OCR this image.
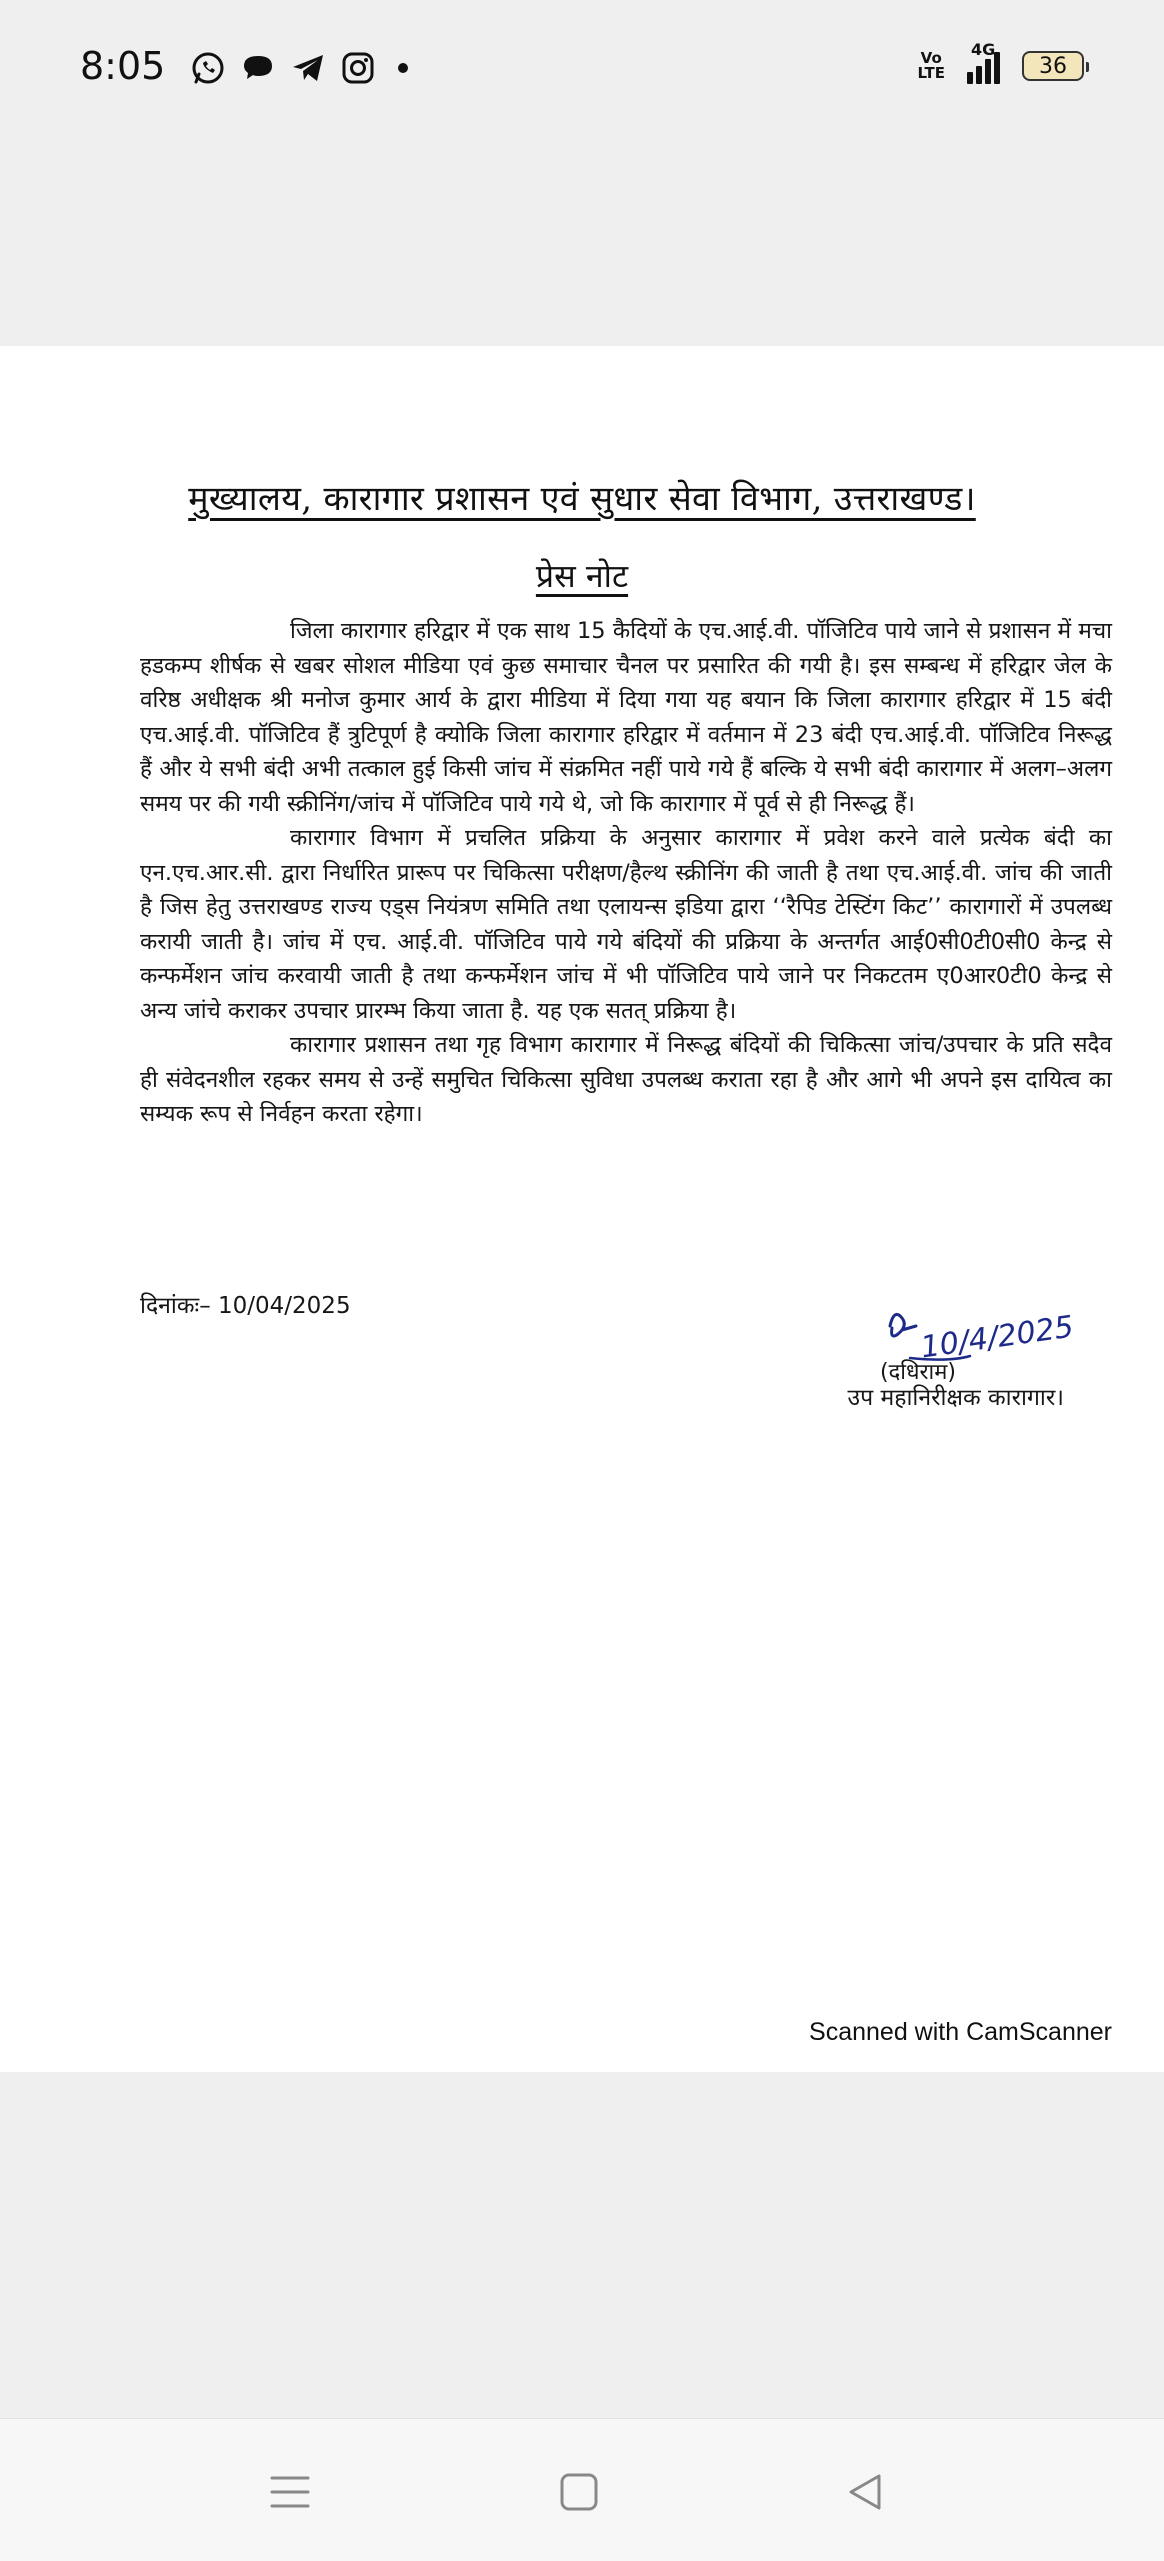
8:05	Vo
LTE
4G
36
मुख्यालय, कारागार प्रशासन एवं सुधार सेवा विभाग, उत्तराखण्ड।
प्रेस नोट

जिला कारागार हरिद्वार में एक साथ 15 कैदियों के एच.आई.वी. पॉजिटिव पाये जाने से प्रशासन में मचा हडकम्प शीर्षक से खबर सोशल मीडिया एवं कुछ समाचार चैनल पर प्रसारित की गयी है। इस सम्बन्ध में हरिद्वार जेल के वरिष्ठ अधीक्षक श्री मनोज कुमार आर्य के द्वारा मीडिया में दिया गया यह बयान कि जिला कारागार हरिद्वार में 15 बंदी एच.आई.वी. पॉजिटिव हैं त्रुटिपूर्ण है क्योकि जिला कारागार हरिद्वार में वर्तमान में 23 बंदी एच.आई.वी. पॉजिटिव निरूद्ध हैं और ये सभी बंदी अभी तत्काल हुई किसी जांच में संक्रमित नहीं पाये गये हैं बल्कि ये सभी बंदी कारागार में अलग–अलग समय पर की गयी स्क्रीनिंग/जांच में पॉजिटिव पाये गये थे, जो कि कारागार में पूर्व से ही निरूद्ध हैं।

कारागार विभाग में प्रचलित प्रक्रिया के अनुसार कारागार में प्रवेश करने वाले प्रत्येक बंदी का एन.एच.आर.सी. द्वारा निर्धारित प्रारूप पर चिकित्सा परीक्षण/हैल्थ स्क्रीनिंग की जाती है तथा एच.आई.वी. जांच की जाती है जिस हेतु उत्तराखण्ड राज्य एड्स नियंत्रण समिति तथा एलायन्स इडिया द्वारा ‘‘रैपिड टेस्टिंग किट’’ कारागारों में उपलब्ध करायी जाती है। जांच में एच. आई.वी. पॉजिटिव पाये गये बंदियों की प्रक्रिया के अन्तर्गत आई0सी0टी0सी0 केन्द्र से कन्फर्मेशन जांच करवायी जाती है तथा कन्फर्मेशन जांच में भी पॉजिटिव पाये जाने पर निकटतम ए0आर0टी0 केन्द्र से अन्य जांचे कराकर उपचार प्रारम्भ किया जाता है. यह एक सतत् प्रक्रिया है।

कारागार प्रशासन तथा गृह विभाग कारागार में निरूद्ध बंदियों की चिकित्सा जांच/उपचार के प्रति सदैव ही संवेदनशील रहकर समय से उन्हें समुचित चिकित्सा सुविधा उपलब्ध कराता रहा है और आगे भी अपने इस दायित्व का सम्यक रूप से निर्वहन करता रहेगा।

दिनांकः– 10/04/2025
10/4/2025
(दधिराम)
उप महानिरीक्षक कारागार।
Scanned with CamScanner
